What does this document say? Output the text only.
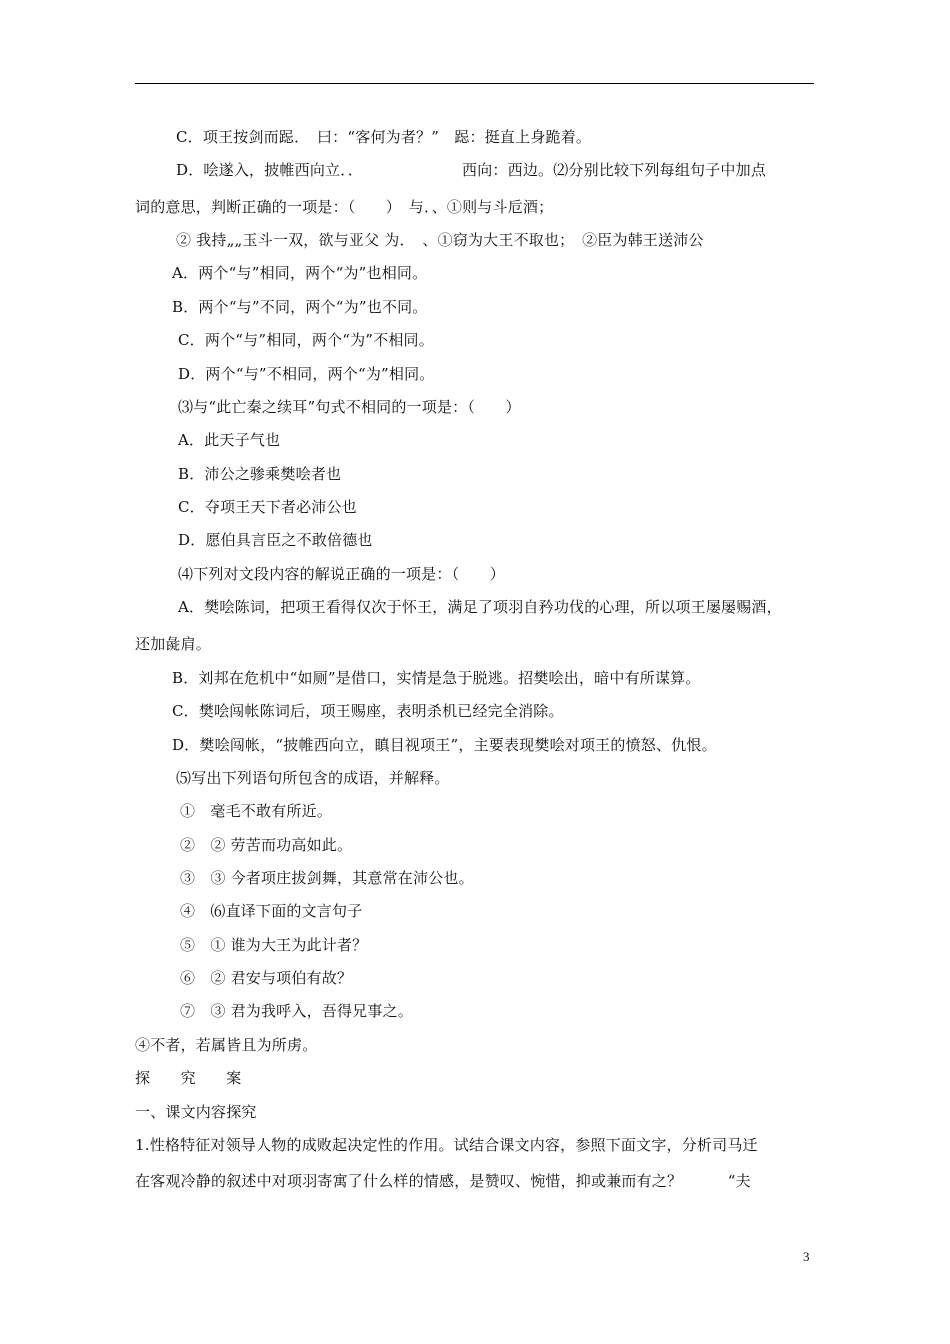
C．项王按剑而跽．　曰：“客何为者？”　跽：挺直上身跪着。
D．哙遂入，披帷西向立．．　　　　　　　西向：西边。⑵分别比较下列每组句子中加点
词的意思，判断正确的一项是：（　　）　与．、①则与斗卮酒；
② 我持„„玉斗一双，欲与亚父 为．　、①窃为大王不取也；　②臣为韩王送沛公
A．两个“与”相同，两个“为”也相同。
B．两个“与”不同，两个“为”也不同。
C．两个“与”相同，两个“为”不相同。
D．两个“与”不相同，两个“为”相同。
⑶与“此亡秦之续耳”句式不相同的一项是：（　　）
A．此天子气也
B．沛公之骖乘樊哙者也
C．夺项王天下者必沛公也
D．愿伯具言臣之不敢倍德也
⑷下列对文段内容的解说正确的一项是：（　　）
A．樊哙陈词，把项王看得仅次于怀王，满足了项羽自矜功伐的心理，所以项王屡屡赐酒，
还加彘肩。
B．刘邦在危机中“如厕”是借口，实情是急于脱逃。招樊哙出，暗中有所谋算。
C．樊哙闯帐陈词后，项王赐座，表明杀机已经完全消除。
D．樊哙闯帐，“披帷西向立，瞋目视项王”，主要表现樊哙对项王的愤怒、仇恨。
⑸写出下列语句所包含的成语，并解释。
①　毫毛不敢有所近。
②　② 劳苦而功高如此。
③　③ 今者项庄拔剑舞，其意常在沛公也。
④　⑹直译下面的文言句子
⑤　① 谁为大王为此计者？
⑥　② 君安与项伯有故？
⑦　③ 君为我呼入，吾得兄事之。
④不者，若属皆且为所虏。
探　　究　　案
一、课文内容探究
1.性格特征对领导人物的成败起决定性的作用。试结合课文内容，参照下面文字，分析司马迁
在客观冷静的叙述中对项羽寄寓了什么样的情感，是赞叹、惋惜，抑或兼而有之？　　　“夫
3
